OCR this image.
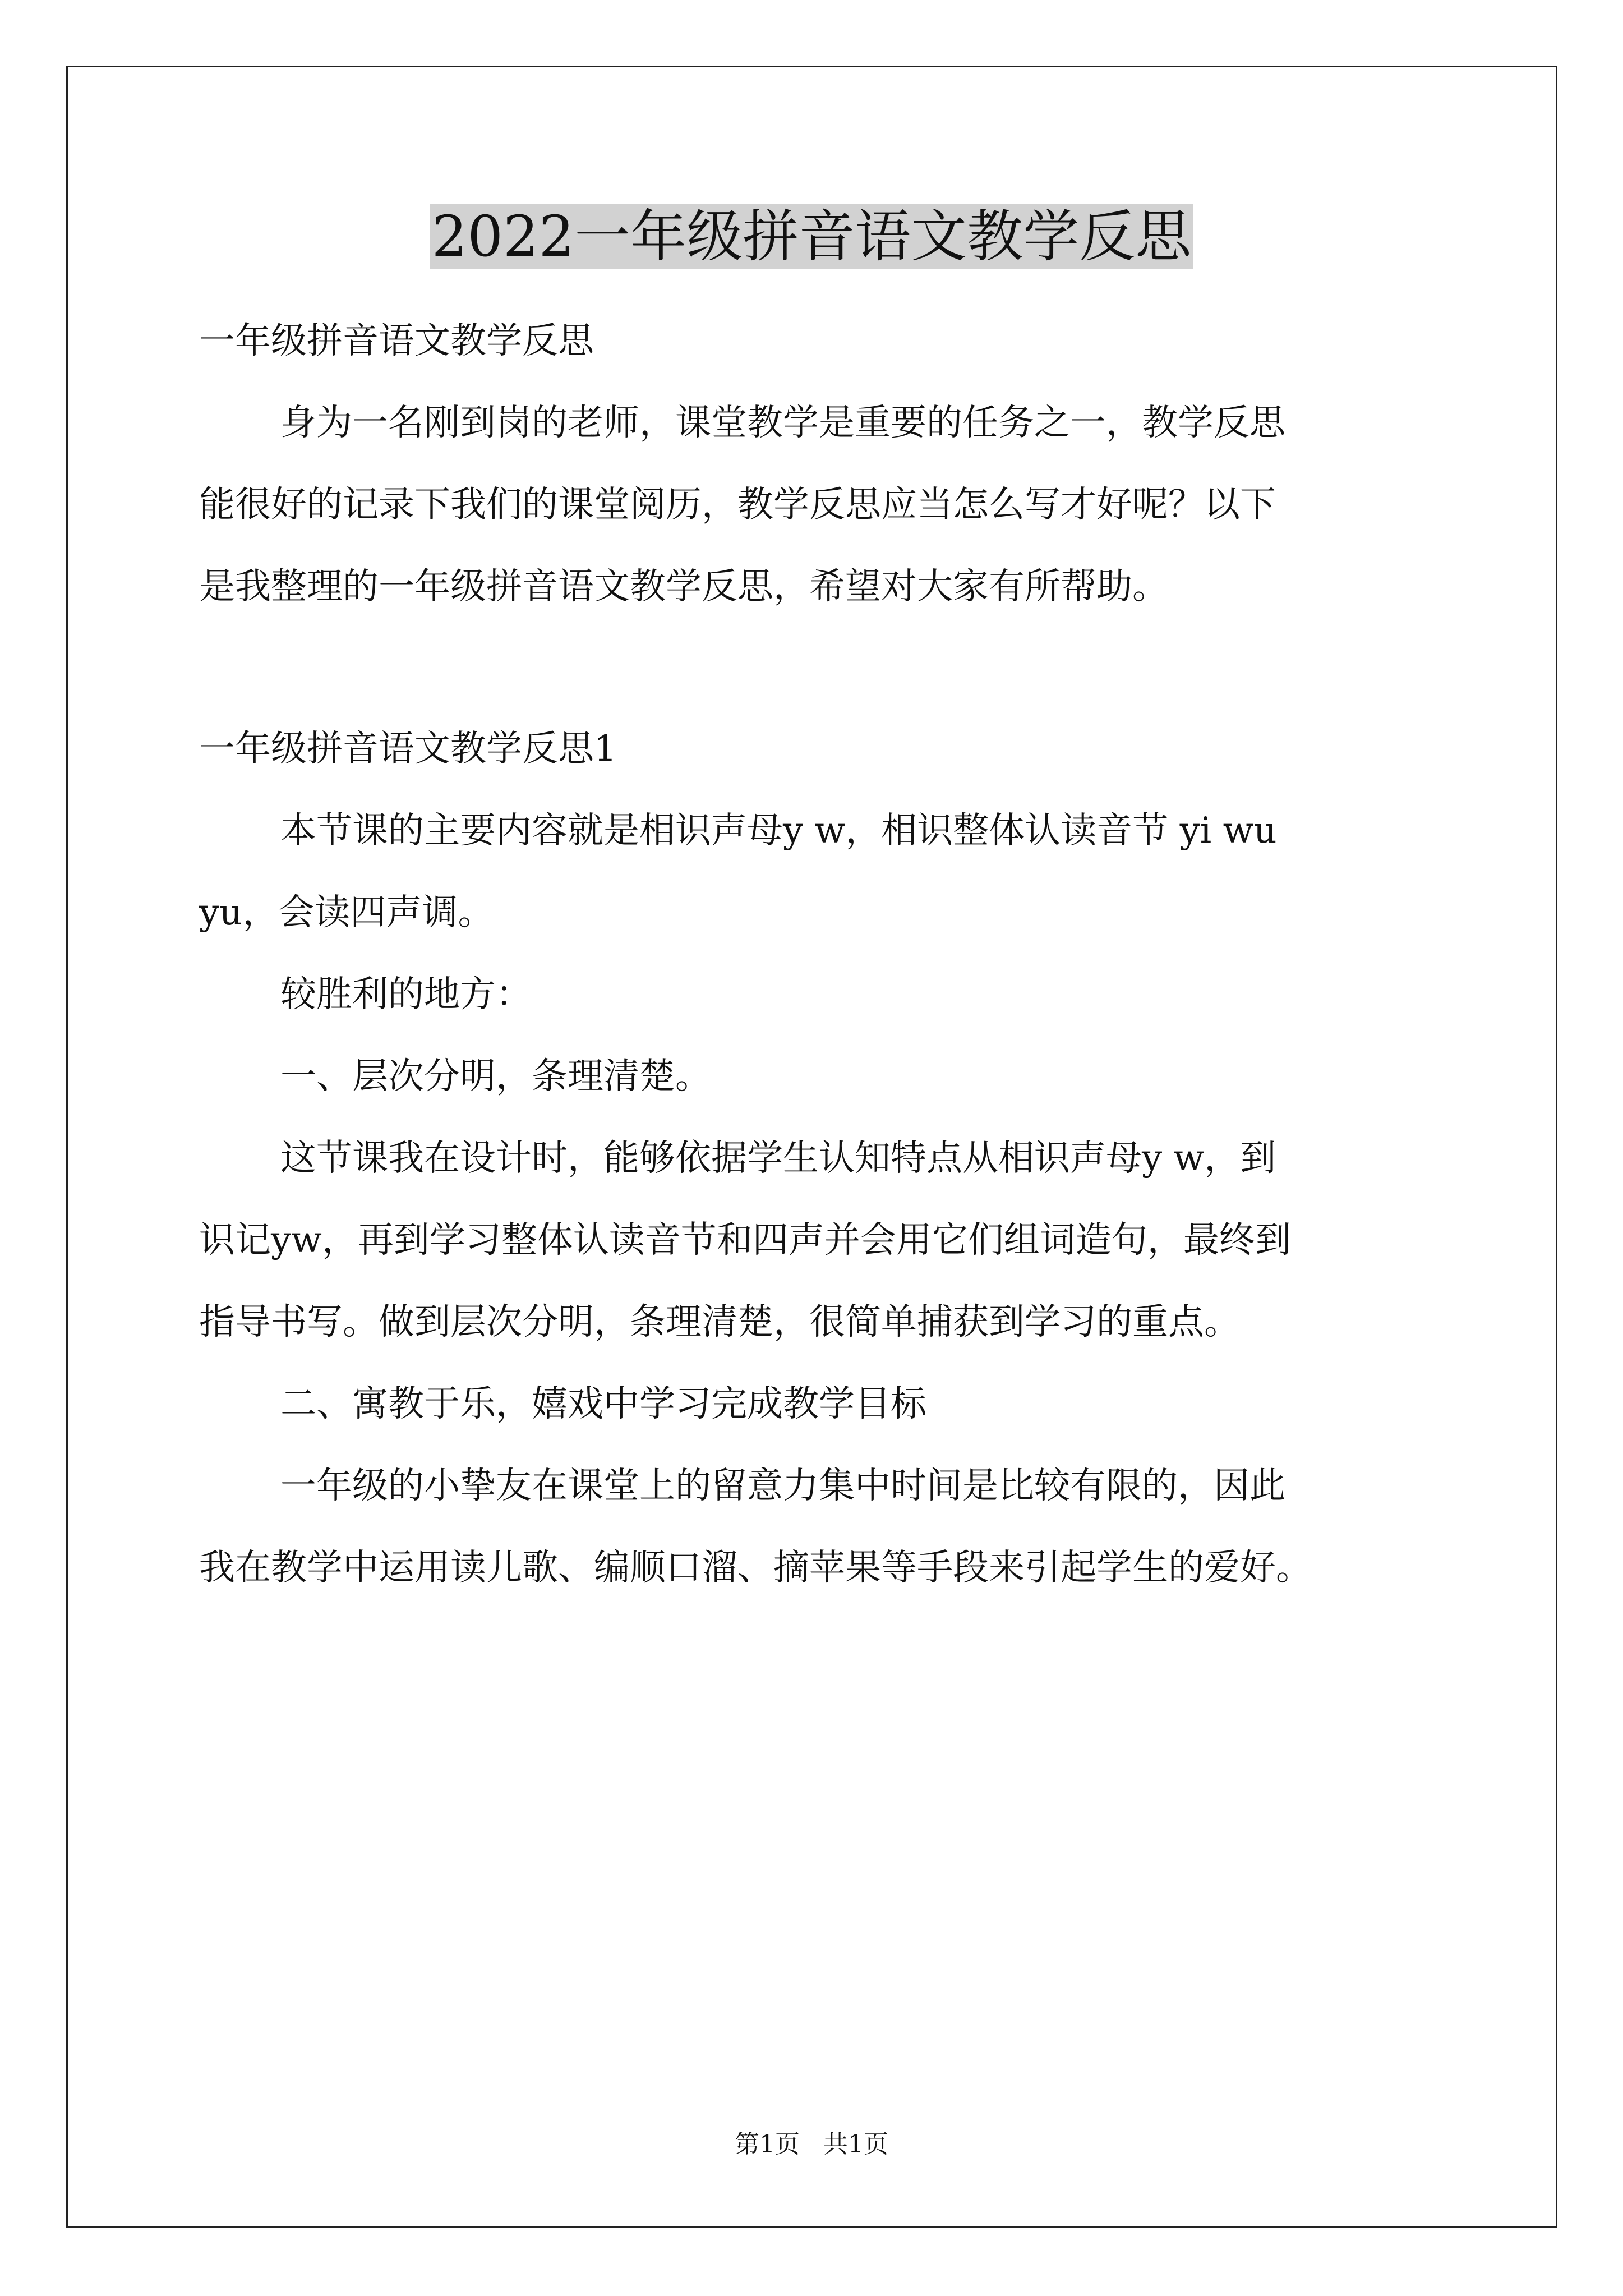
2022一年级拼音语文教学反思
一年级拼音语文教学反思
身为一名刚到岗的老师，课堂教学是重要的任务之一，教学反思
能很好的记录下我们的课堂阅历，教学反思应当怎么写才好呢？以下
是我整理的一年级拼音语文教学反思，希望对大家有所帮助。
一年级拼音语文教学反思1
本节课的主要内容就是相识声母y w，相识整体认读音节 yi wu
yu，会读四声调。
较胜利的地方：
一、层次分明，条理清楚。
这节课我在设计时，能够依据学生认知特点从相识声母y w，到
识记yw，再到学习整体认读音节和四声并会用它们组词造句，最终到
指导书写。做到层次分明，条理清楚，很简单捕获到学习的重点。
二、寓教于乐，嬉戏中学习完成教学目标
一年级的小挚友在课堂上的留意力集中时间是比较有限的，因此
我在教学中运用读儿歌、编顺口溜、摘苹果等手段来引起学生的爱好。
第1页   共1页
